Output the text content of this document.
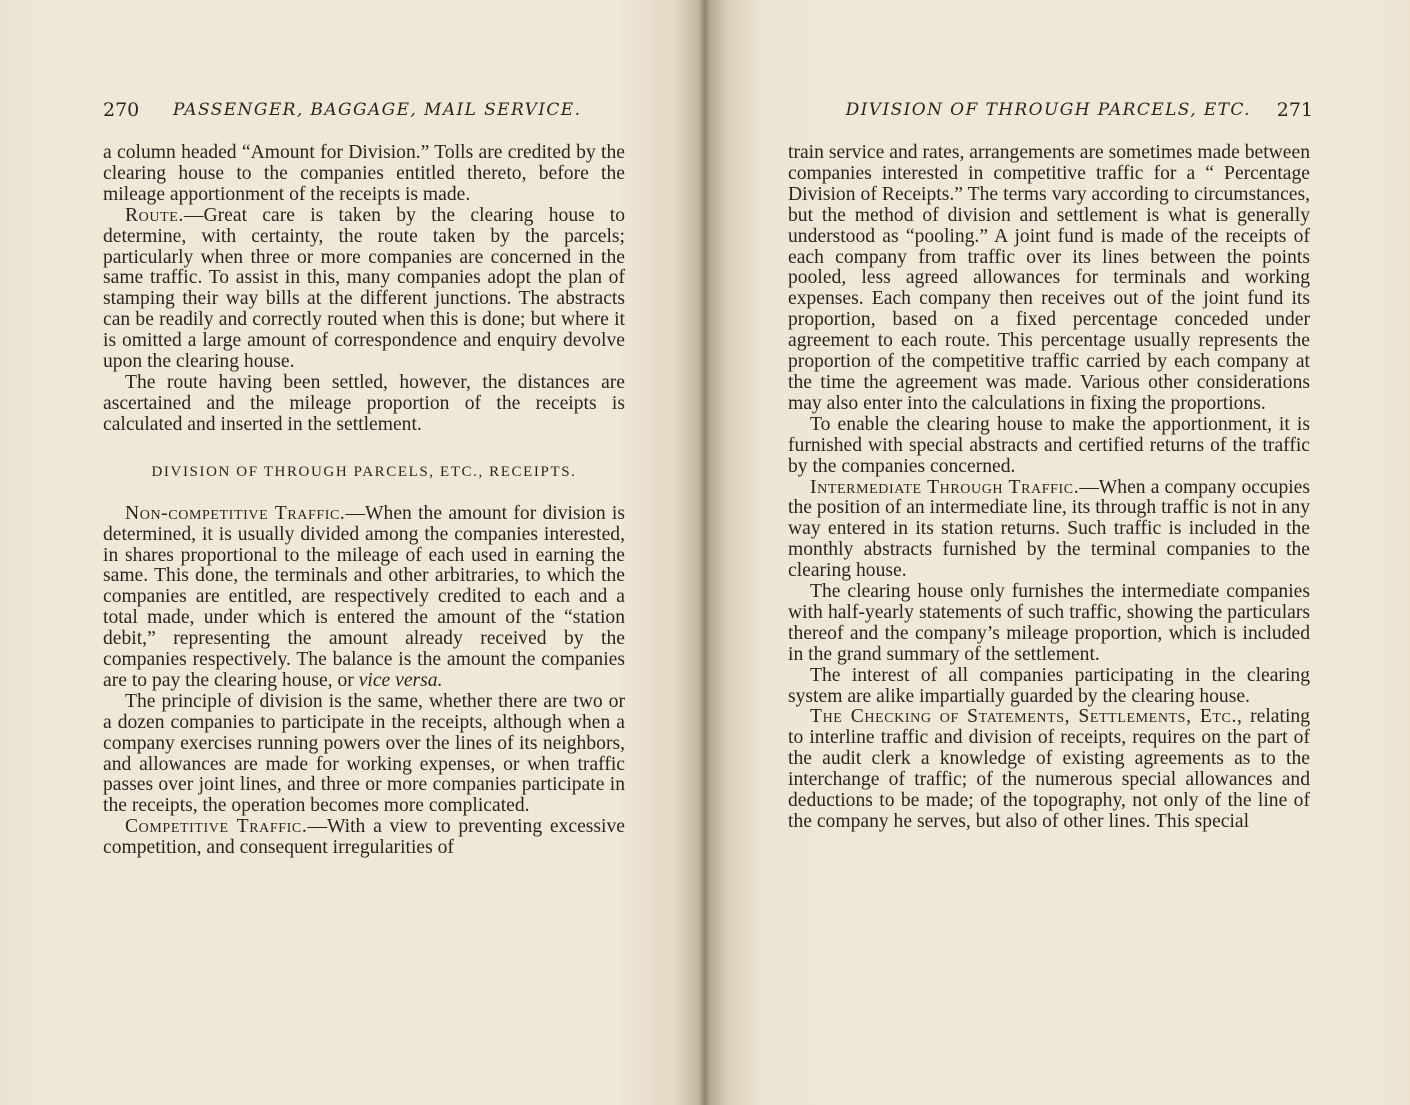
270 PASSENGER, BAGGAGE, MAIL SERVICE.

a column headed “Amount for Division.” Tolls are credited by the clearing house to the companies entitled thereto, before the mileage apportionment of the receipts is made.

Route.—Great care is taken by the clearing house to determine, with certainty, the route taken by the parcels; particularly when three or more companies are concerned in the same traffic. To assist in this, many companies adopt the plan of stamping their way bills at the different junctions. The abstracts can be readily and correctly routed when this is done; but where it is omitted a large amount of correspondence and enquiry devolve upon the clearing house.

The route having been settled, however, the distances are ascertained and the mileage proportion of the receipts is calculated and inserted in the settlement.

DIVISION OF THROUGH PARCELS, ETC., RECEIPTS.

Non-competitive Traffic.—When the amount for division is determined, it is usually divided among the companies interested, in shares proportional to the mileage of each used in earning the same. This done, the terminals and other arbitraries, to which the companies are entitled, are respectively credited to each and a total made, under which is entered the amount of the “station debit,” representing the amount already received by the companies respectively. The balance is the amount the companies are to pay the clearing house, or vice versa.

The principle of division is the same, whether there are two or a dozen companies to participate in the receipts, although when a company exercises running powers over the lines of its neighbors, and allowances are made for working expenses, or when traffic passes over joint lines, and three or more companies participate in the receipts, the operation becomes more complicated.

Competitive Traffic.—With a view to preventing excessive competition, and consequent irregularities of

DIVISION OF THROUGH PARCELS, ETC. 271

train service and rates, arrangements are sometimes made between companies interested in competitive traffic for a “ Percentage Division of Receipts.” The terms vary according to circumstances, but the method of division and settlement is what is generally understood as “pooling.” A joint fund is made of the receipts of each company from traffic over its lines between the points pooled, less agreed allowances for terminals and working expenses. Each company then receives out of the joint fund its proportion, based on a fixed percentage conceded under agreement to each route. This percentage usually represents the proportion of the competitive traffic carried by each company at the time the agreement was made. Various other considerations may also enter into the calculations in fixing the proportions.

To enable the clearing house to make the apportionment, it is furnished with special abstracts and certified returns of the traffic by the companies concerned.

Intermediate Through Traffic.—When a company occupies the position of an intermediate line, its through traffic is not in any way entered in its station returns. Such traffic is included in the monthly abstracts furnished by the terminal companies to the clearing house.

The clearing house only furnishes the intermediate companies with half-yearly statements of such traffic, showing the particulars thereof and the company’s mileage proportion, which is included in the grand summary of the settlement.

The interest of all companies participating in the clearing system are alike impartially guarded by the clearing house.

The Checking of Statements, Settlements, Etc., relating to interline traffic and division of receipts, requires on the part of the audit clerk a knowledge of existing agreements as to the interchange of traffic; of the numerous special allowances and deductions to be made; of the topography, not only of the line of the company he serves, but also of other lines. This special
